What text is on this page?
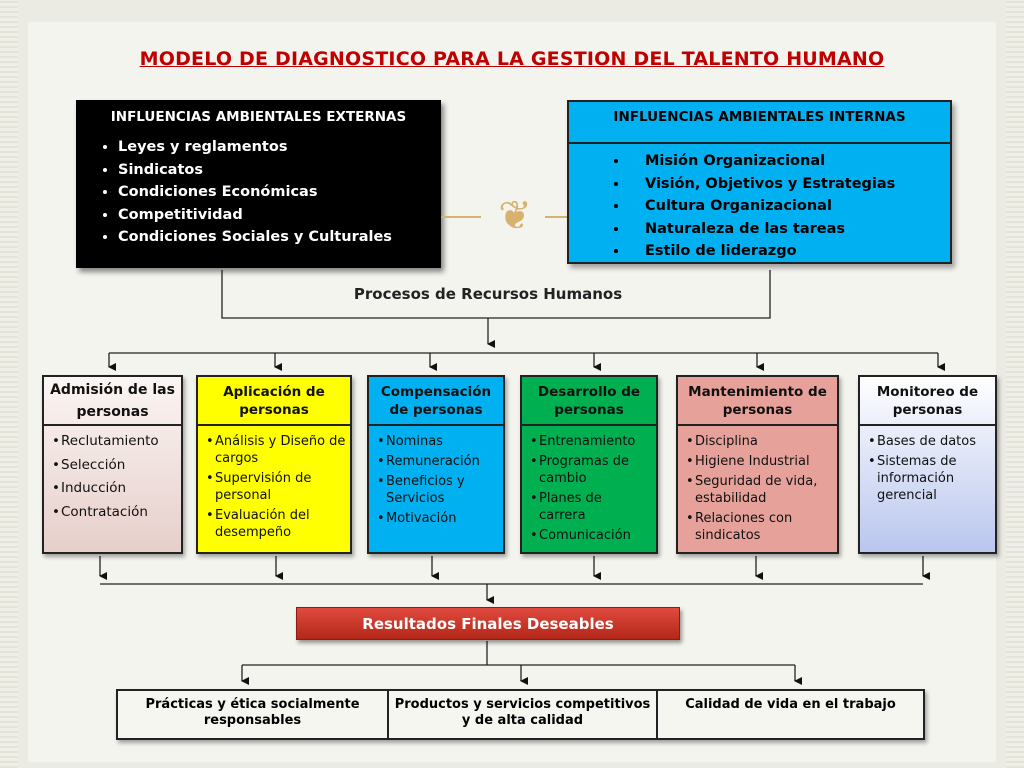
MODELO DE DIAGNOSTICO PARA LA GESTION DEL TALENTO HUMANO
INFLUENCIAS AMBIENTALES EXTERNAS
• Leyes y reglamentos
• Sindicatos
• Condiciones Económicas
• Competitividad
• Condiciones Sociales y Culturales	❦
INFLUENCIAS AMBIENTALES INTERNAS
• Misión Organizacional
• Visión, Objetivos y Estrategias
• Cultura Organizacional
• Naturaleza de las tareas
• Estilo de liderazgo
Procesos de Recursos Humanos
Admisión de las personas
• Reclutamiento
• Selección
• Inducción
• Contratación
Aplicación de personas
• Análisis y Diseño de cargos
• Supervisión de personal
• Evaluación del desempeño
Compensación de personas
• Nominas
• Remuneración
• Beneficios y Servicios
• Motivación
Desarrollo de personas
• Entrenamiento
• Programas de cambio
• Planes de carrera
• Comunicación
Mantenimiento de personas
• Disciplina
• Higiene Industrial
• Seguridad de vida, estabilidad
• Relaciones con sindicatos
Monitoreo de personas
• Bases de datos
• Sistemas de información gerencial
Resultados Finales Deseables
Prácticas y ética socialmente responsables
Productos y servicios competitivos y de alta calidad
Calidad de vida en el trabajo
